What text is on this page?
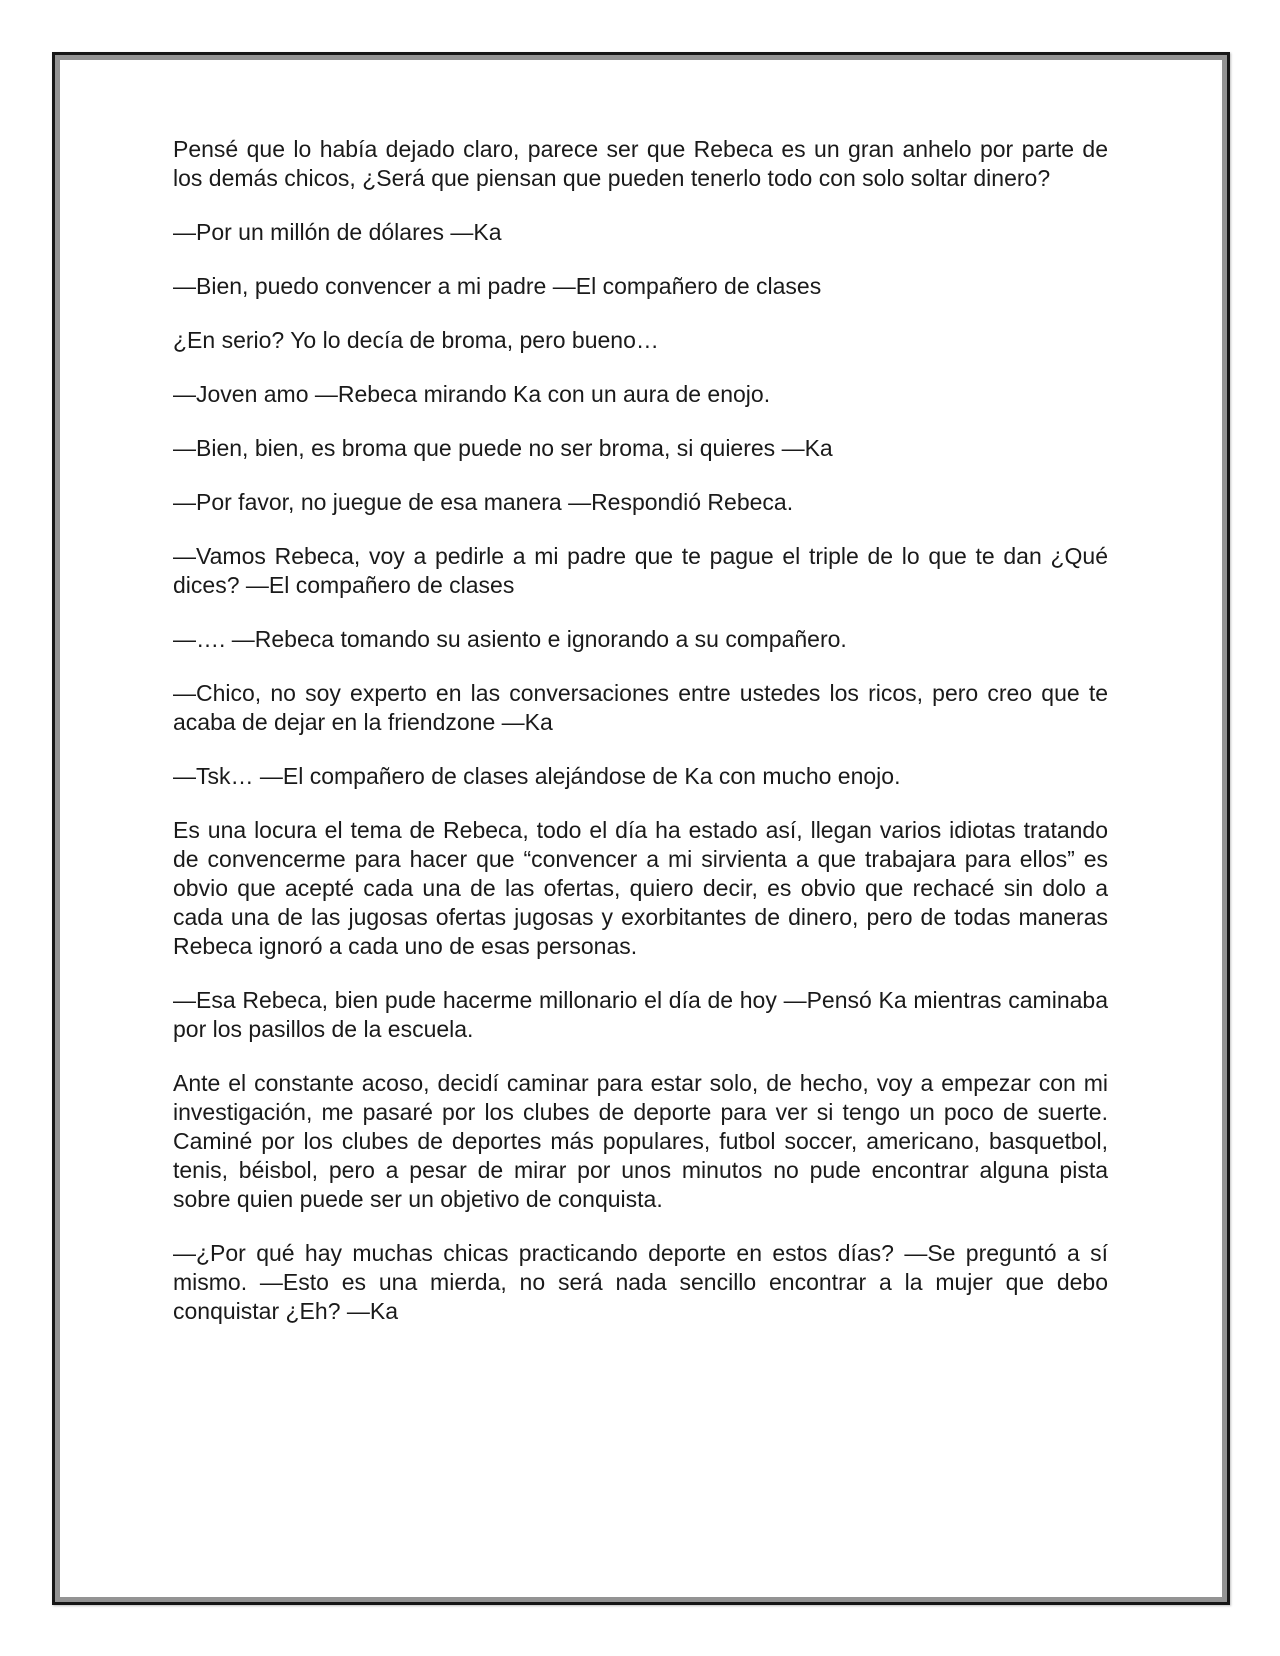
Pensé que lo había dejado claro, parece ser que Rebeca es un gran anhelo por parte de los demás chicos, ¿Será que piensan que pueden tenerlo todo con solo soltar dinero?

—Por un millón de dólares —Ka

—Bien, puedo convencer a mi padre —El compañero de clases

¿En serio? Yo lo decía de broma, pero bueno…

—Joven amo —Rebeca mirando Ka con un aura de enojo.

—Bien, bien, es broma que puede no ser broma, si quieres —Ka

—Por favor, no juegue de esa manera —Respondió Rebeca.

—Vamos Rebeca, voy a pedirle a mi padre que te pague el triple de lo que te dan ¿Qué dices? —El compañero de clases

—…. —Rebeca tomando su asiento e ignorando a su compañero.

—Chico, no soy experto en las conversaciones entre ustedes los ricos, pero creo que te acaba de dejar en la friendzone —Ka

—Tsk… —El compañero de clases alejándose de Ka con mucho enojo.

Es una locura el tema de Rebeca, todo el día ha estado así, llegan varios idiotas tratando de convencerme para hacer que “convencer a mi sirvienta a que trabajara para ellos” es obvio que acepté cada una de las ofertas, quiero decir, es obvio que rechacé sin dolo a cada una de las jugosas ofertas jugosas y exorbitantes de dinero, pero de todas maneras Rebeca ignoró a cada uno de esas personas.

—Esa Rebeca, bien pude hacerme millonario el día de hoy —Pensó Ka mientras caminaba por los pasillos de la escuela.

Ante el constante acoso, decidí caminar para estar solo, de hecho, voy a empezar con mi investigación, me pasaré por los clubes de deporte para ver si tengo un poco de suerte. Caminé por los clubes de deportes más populares, futbol soccer, americano, basquetbol, tenis, béisbol, pero a pesar de mirar por unos minutos no pude encontrar alguna pista sobre quien puede ser un objetivo de conquista.

—¿Por qué hay muchas chicas practicando deporte en estos días? —Se preguntó a sí mismo. —Esto es una mierda, no será nada sencillo encontrar a la mujer que debo conquistar ¿Eh? —Ka
